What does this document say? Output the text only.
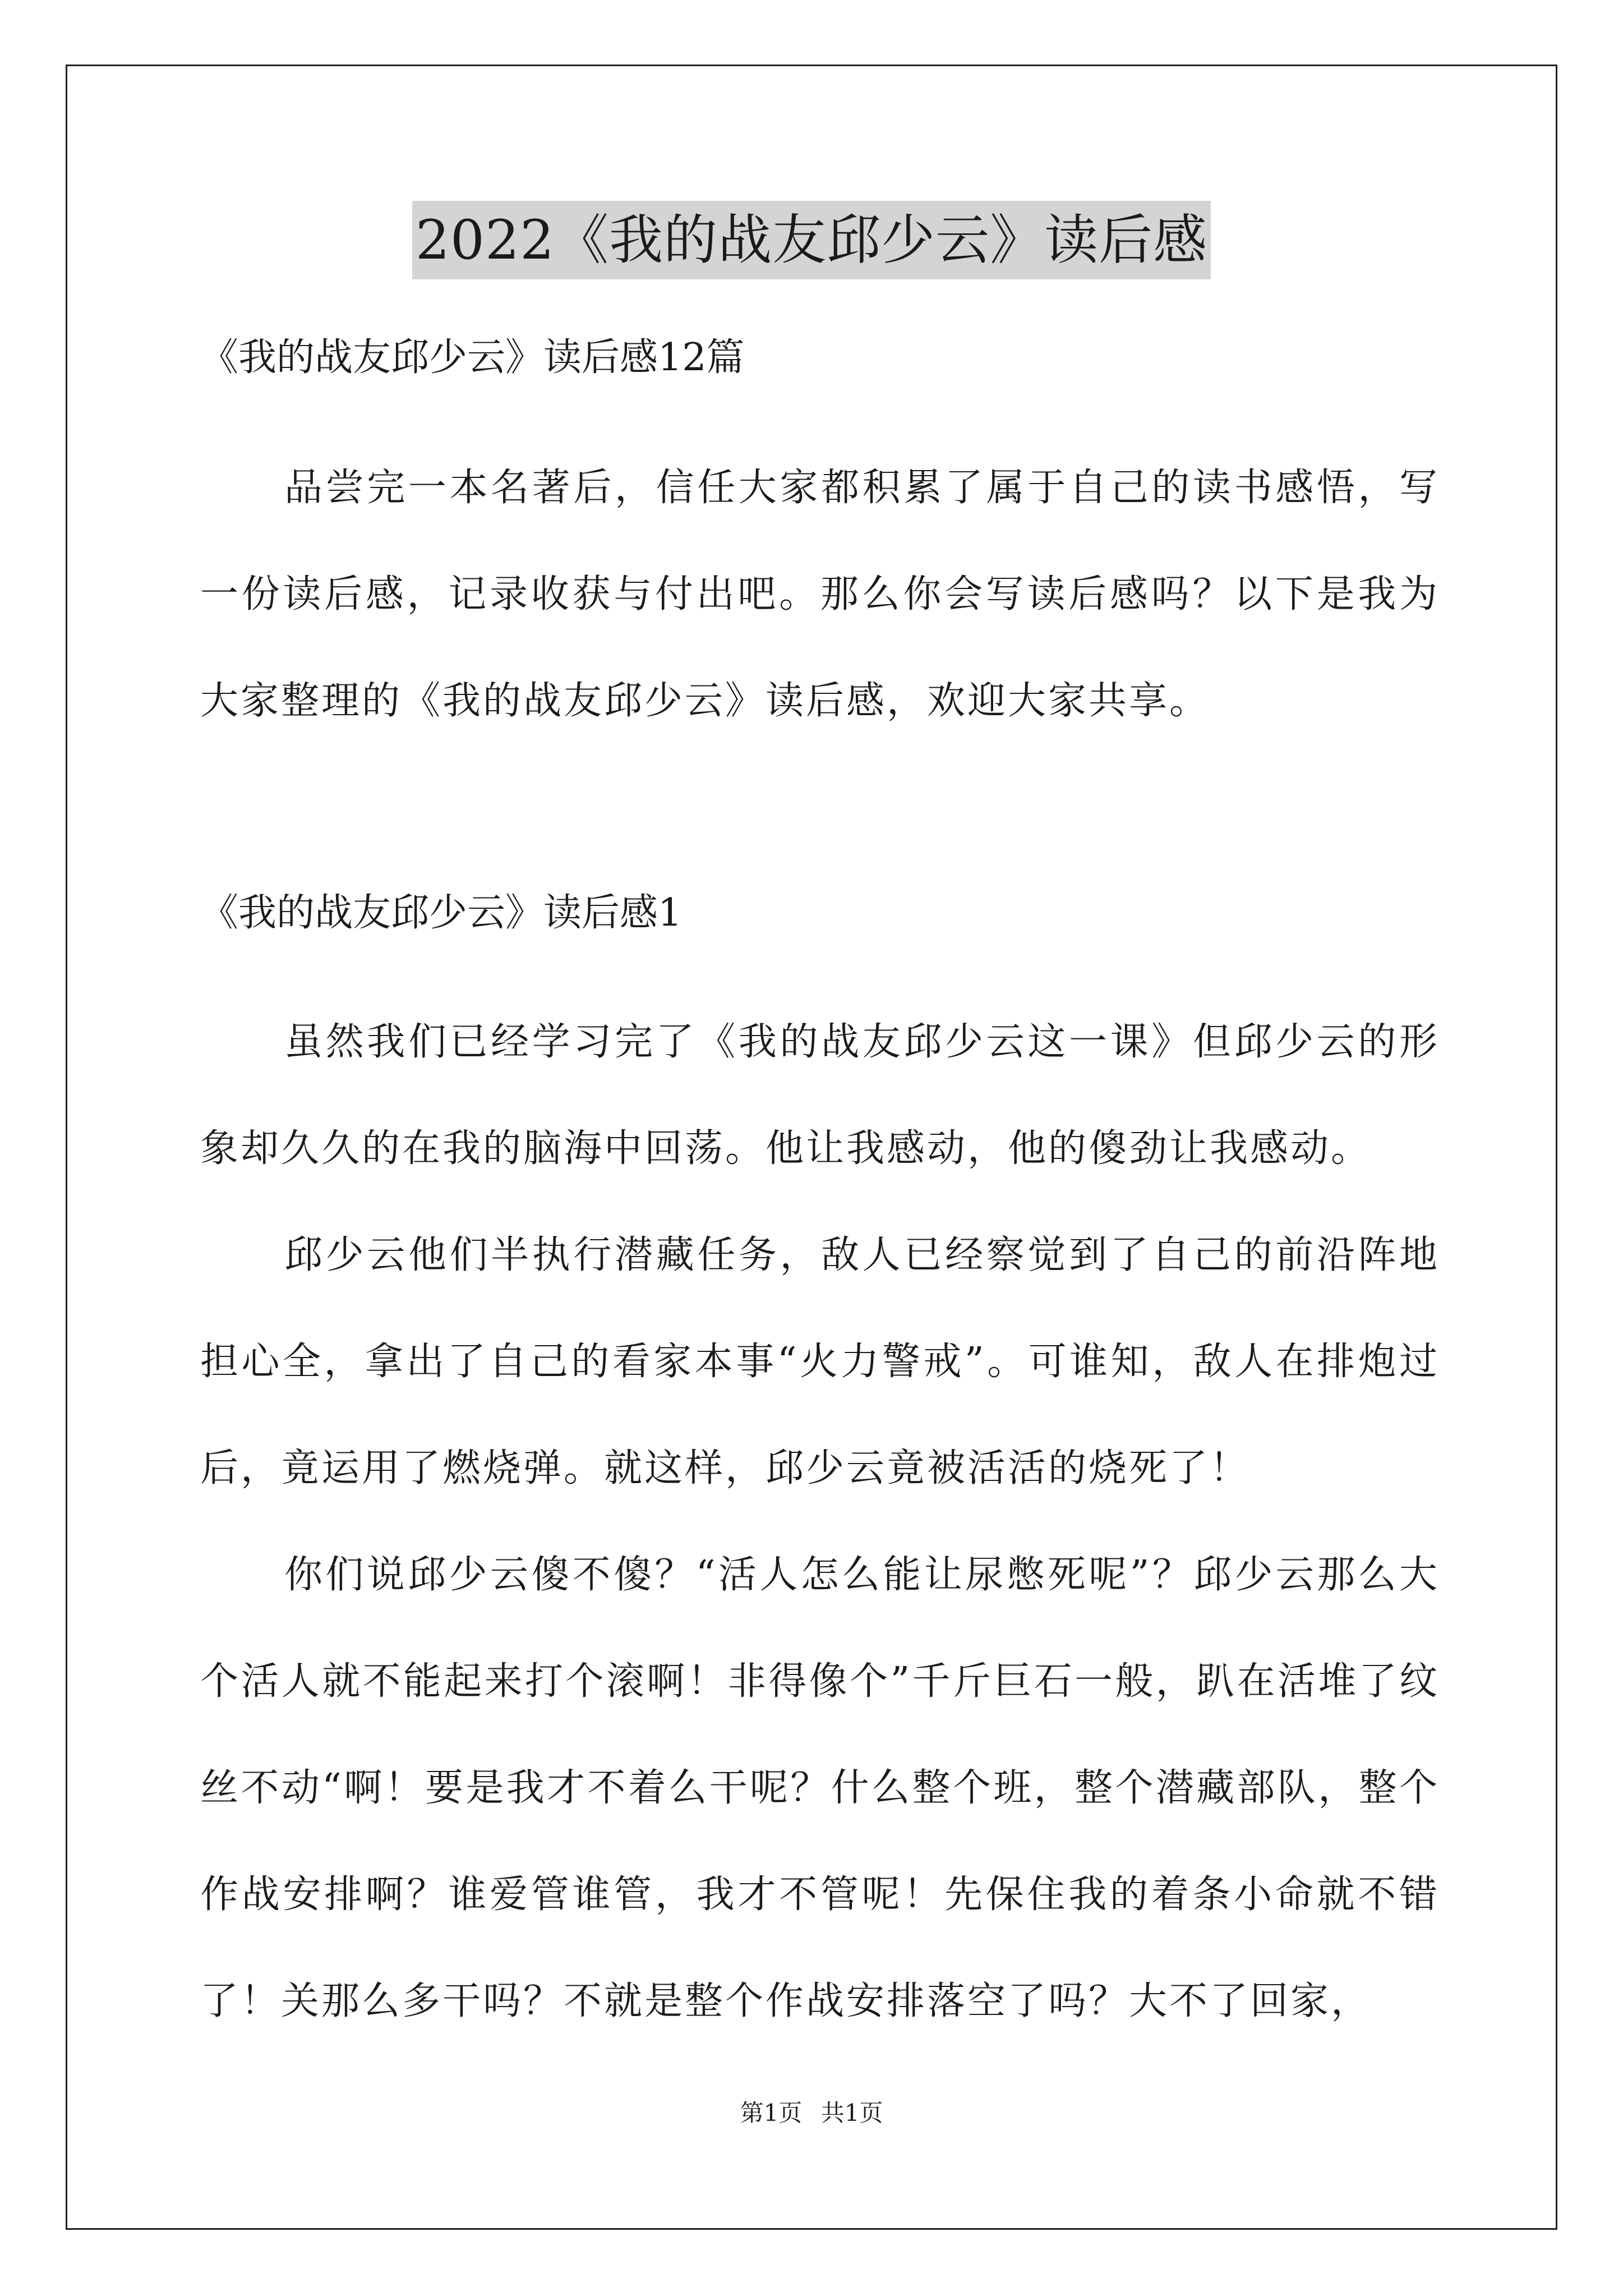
2022《我的战友邱少云》读后感
《我的战友邱少云》读后感12篇

品尝完一本名著后，信任大家都积累了属于自己的读书感悟，写一份读后感，记录收获与付出吧。那么你会写读后感吗？以下是我为大家整理的《我的战友邱少云》读后感，欢迎大家共享。

《我的战友邱少云》读后感1

虽然我们已经学习完了《我的战友邱少云这一课》但邱少云的形象却久久的在我的脑海中回荡。他让我感动，他的傻劲让我感动。

邱少云他们半执行潜藏任务，敌人已经察觉到了自己的前沿阵地担心全，拿出了自己的看家本事“火力警戒”。可谁知，敌人在排炮过后，竟运用了燃烧弹。就这样，邱少云竟被活活的烧死了！

你们说邱少云傻不傻？“活人怎么能让尿憋死呢”？邱少云那么大个活人就不能起来打个滚啊！非得像个”千斤巨石一般，趴在活堆了纹丝不动“啊！要是我才不着么干呢？什么整个班，整个潜藏部队，整个作战安排啊？谁爱管谁管，我才不管呢！先保住我的着条小命就不错了！关那么多干吗？不就是整个作战安排落空了吗？大不了回家，

第1页 共1页
